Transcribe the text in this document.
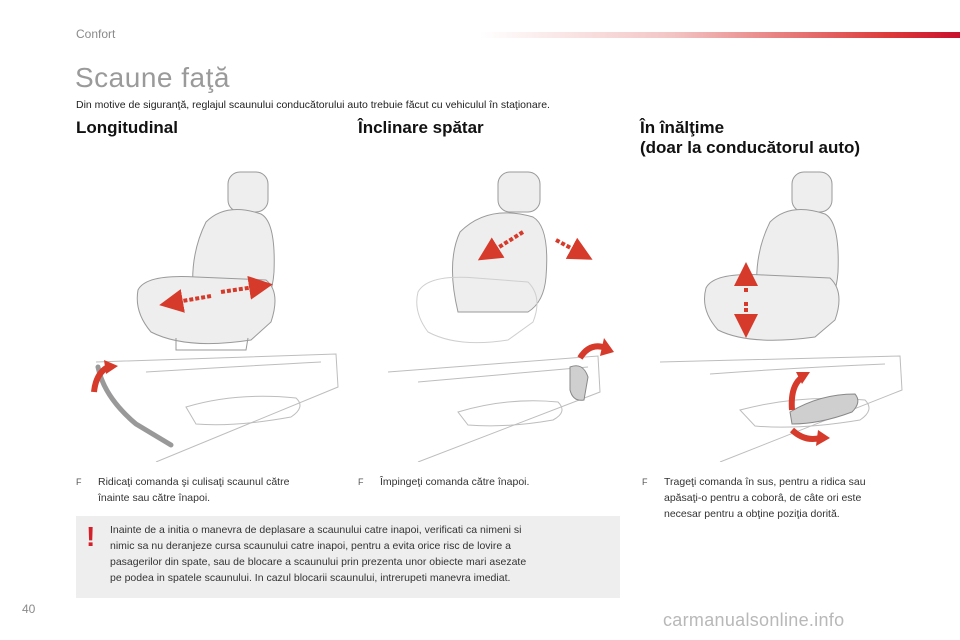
Confort
Scaune faţă
Din motive de siguranţă, reglajul scaunului conducătorului auto trebuie făcut cu vehiculul în staţionare.
Longitudinal	Înclinare spătar	În înălţime
(doar la conducătorul auto)
F Ridicaţi comanda şi culisaţi scaunul către
înainte sau către înapoi.
F Împingeţi comanda către înapoi.	F Trageţi comanda în sus, pentru a ridica sau
apăsaţi-o pentru a coborâ, de câte ori este
necesar pentru a obţine poziţia dorită.
! Inainte de a initia o manevra de deplasare a scaunului catre inapoi, verificati ca nimeni si
nimic sa nu deranjeze cursa scaunului catre inapoi, pentru a evita orice risc de lovire a
pasagerilor din spate, sau de blocare a scaunului prin prezenta unor obiecte mari asezate
pe podea in spatele scaunului. In cazul blocarii scaunului, intrerupeti manevra imediat.
40
carmanualsonline.info
